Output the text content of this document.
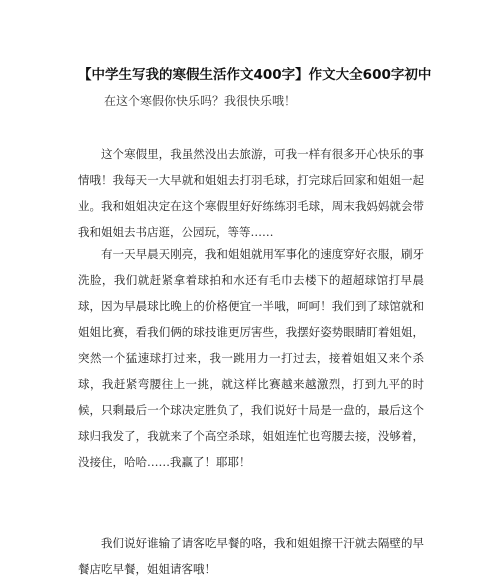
【中学生写我的寒假生活作文400字】作文大全600字初中
在这个寒假你快乐吗？我很快乐哦！

这个寒假里，我虽然没出去旅游，可我一样有很多开心快乐的事情哦！我每天一大早就和姐姐去打羽毛球，打完球后回家和姐姐一起业。我和姐姐决定在这个寒假里好好练练羽毛球，周末我妈妈就会带我和姐姐去书店逛，公园玩，等等……

有一天早晨天刚亮，我和姐姐就用军事化的速度穿好衣服，刷牙洗脸，我们就赶紧拿着球拍和水还有毛巾去楼下的超超球馆打早晨球，因为早晨球比晚上的价格便宜一半哦，呵呵！我们到了球馆就和姐姐比赛，看我们俩的球技谁更厉害些，我摆好姿势眼睛盯着姐姐，突然一个猛速球打过来，我一跳用力一打过去，接着姐姐又来个杀球，我赶紧弯腰往上一挑，就这样比赛越来越激烈，打到九平的时候，只剩最后一个球决定胜负了，我们说好十局是一盘的，最后这个球归我发了，我就来了个高空杀球，姐姐连忙也弯腰去接，没够着，没接住，哈哈……我赢了！耶耶！

我们说好谁输了请客吃早餐的咯，我和姐姐擦干汗就去隔壁的早餐店吃早餐，姐姐请客哦！
